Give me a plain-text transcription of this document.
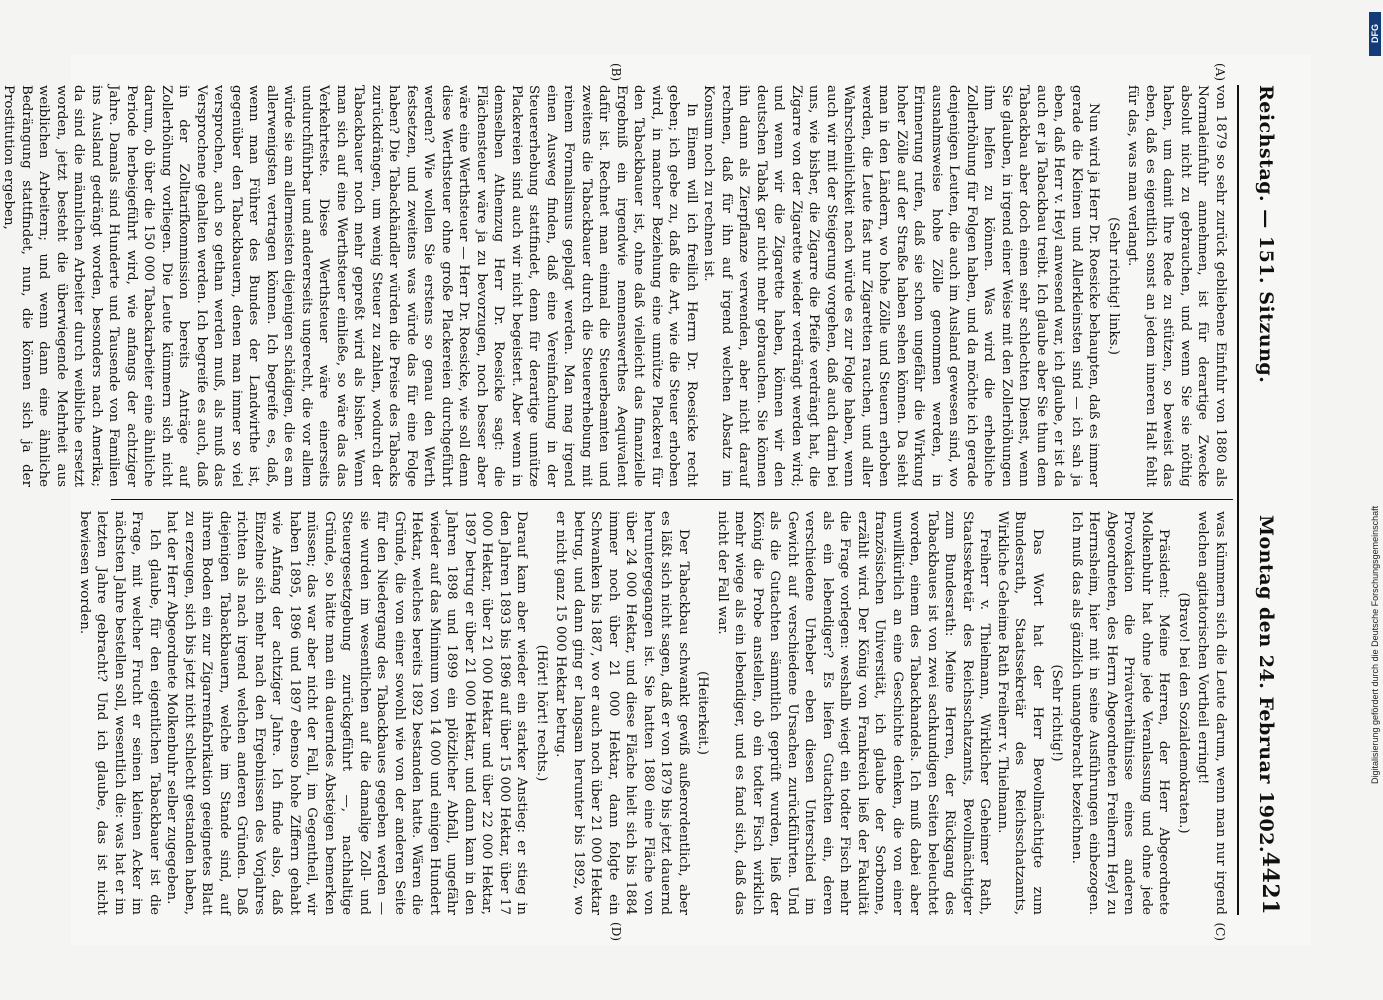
Reichstag. — 151. Sitzung.
Montag den 24. Februar 1902.
4421
(A)
(B)
(C)
(D)

von 1879 so sehr zurück gebliebene Einfuhr von 1880 als Normaleinfuhr annehmen, ist für derartige Zwecke absolut nicht zu gebrauchen, und wenn Sie sie nöthig haben, um damit Ihre Rede zu stützen, so beweist das eben, daß es eigentlich sonst an jedem inneren Halt fehlt für das, was man verlangt.

(Sehr richtig! links.)

Nun wird ja Herr Dr. Roesicke behaupten, daß es immer gerade die Kleinen und Allerkleinsten sind — ich sah ja eben, daß Herr v. Heyl anwesend war, ich glaube, er ist da auch er ja Tabackbau treibt. Ich glaube aber Sie thun dem Tabackbau aber doch einen sehr schlechten Dienst, wenn Sie glauben, in irgend einer Weise mit den Zollerhöhungen ihm helfen zu können. Was wird die erhebliche Zollerhöhung für Folgen haben, und da möchte ich gerade denjenigen Leuten, die auch im Ausland gewesen sind, wo ausnahmsweise hohe Zölle genommen werden, in Erinnerung rufen, daß sie schon ungefähr die Wirkung hoher Zölle auf der Straße haben sehen können. Da sieht man in den Ländern, wo hohe Zölle und Steuern erhoben werden, die Leute fast nur Zigaretten rauchen, und aller Wahrscheinlichkeit nach würde es zur Folge haben, wenn auch wir mit der Steigerung vorgehen, daß auch darin bei uns, wie bisher, die Zigarre die Pfeife verdrängt hat, die Zigarre von der Zigarette wieder verdrängt werden wird; und wenn wir die Zigarette haben, können wir den deutschen Tabak gar nicht mehr gebrauchen. Sie können ihn dann als Zierpflanze verwenden, aber nicht darauf rechnen, daß für ihn auf irgend welchen Absatz im Konsum noch zu rechnen ist.

In Einem will ich freilich Herrn Dr. Roesicke recht geben; ich gebe zu, daß die Art, wie die Steuer erhoben wird, in mancher Beziehung eine unnütze Plackerei für den Tabackbauer ist, ohne daß vielleicht das finanzielle Ergebniß ein irgendwie nennenswerthes Aequivalent dafür ist. Rechnet man einmal die Steuerbeamten und zweitens die Tabackbauer durch die Steuererhebung mit reinem Formalismus geplagt werden. Man mag irgend einen Ausweg finden, daß eine Vereinfachung in der Steuererhebung stattfindet, denn für derartige unnütze Plackereien sind auch wir nicht begeistert. Aber wenn in demselben Athemzug Herr Dr. Roesicke sagt: die Flächensteuer wäre ja zu bevorzugen, noch besser aber wäre eine Werthsteuer — Herr Dr. Roesicke, wie soll denn diese Werthsteuer ohne große Plackereien durchgeführt werden? Wie wollen Sie erstens so genau den Werth festsetzen, und zweitens was würde das für eine Folge haben? Die Tabackhändler würden die Preise des Tabacks zurückdrängen, um wenig Steuer zu zahlen, wodurch der Tabackbauer noch mehr gepreßt wird als bisher. Wenn man sich auf eine Werthsteuer einließe, so wäre das das Verkehrteste. Diese Werthsteuer wäre einerseits undurchführbar und andererseits ungerecht, die vor allem würde sie am allermeisten diejenigen schädigen, die es am allerwenigsten vertragen können. Ich begreife es, daß, wenn man Führer des Bundes der Landwirthe ist, gegenüber den Tabackbauern, denen man immer so viel versprochen, auch so gethan werden muß, als muß das Versprochene gehalten werden. Ich begreife es auch, daß in der Zolltarifkommission bereits Anträge auf Zollerhöhung vorliegen. Die Leute kümmern sich nicht darum, ob über die 150 000 Tabackarbeiter eine ähnliche Periode herbeigeführt wird, wie anfangs der achtziger Jahre. Damals sind Hunderte und Tausende von Familien ins Ausland gedrängt worden, besonders nach Amerika; da sind die männlichen Arbeiter durch weibliche ersetzt worden, jetzt besteht die überwiegende Mehrheit aus weiblichen Arbeitern; und wenn dann eine ähnliche Bedrängung stattfindet, nun, die können sich ja der Prostitution ergeben,

was kümmern sich die Leute darum, wenn man nur irgend welchen agitatorischen Vortheil erringt!

(Bravo! bei den Sozialdemokraten.)

Präsident: Meine Herren, der Herr Abgeordnete Molkenbuhr hat ohne jede Veranlassung und ohne jede Provokation die Privatverhältnisse eines anderen Abgeordneten, des Herrn Abgeordneten Freiherrn Heyl zu Herrnsheim, hier mit in seine Ausführungen einbezogen. Ich muß das als gänzlich unangebracht bezeichnen.

(Sehr richtig!)

Das Wort hat der Herr Bevollmächtigte zum Bundesrath, Staatssekretär des Reichsschatzamts, Wirkliche Geheime Rath Freiherr v. Thielmann.

Freiherr v. Thielmann, Wirklicher Geheimer Rath, Staatssekretär des Reichsschatzamts, Bevollmächtigter zum Bundesrath: Meine Herren, der Rückgang des Tabackbaues ist von zwei sachkundigen Seiten beleuchtet worden, einem des Tabackhandels. Ich muß dabei aber unwillkürlich an eine Geschichte denken, die von einer französischen Universität, ich glaube der Sorbonne, erzählt wird. Der König von Frankreich ließ der Fakultät die Frage vorlegen: weshalb wiegt ein todter Fisch mehr als ein lebendiger? Es liefen Gutachten ein, deren verschiedene Urheber eben diesen Unterschied im Gewicht auf verschiedene Ursachen zurückführten. Und als die Gutachten sämmtlich geprüft wurden, ließ der König die Probe anstellen, ob ein todter Fisch wirklich mehr wiege als ein lebendiger, und es fand sich, daß das nicht der Fall war.

(Heiterkeit.)

Der Tabackbau schwankt gewiß außerordentlich, aber es läßt sich nicht sagen, daß er von 1879 bis jetzt dauernd heruntergegangen ist. Sie hatten 1880 eine Fläche von über 24 000 Hektar, und diese Fläche hielt sich bis 1884 immer noch über 21 000 Hektar, dann folgte ein Schwanken bis 1887, wo er auch noch über 21 000 Hektar betrug, und dann ging er langsam herunter bis 1892, wo er nicht ganz 15 000 Hektar betrug.

(Hört! hört! rechts.)

Darauf kam aber wieder ein starker Anstieg: er stieg in den Jahren 1893 bis 1896 auf über 15 000 Hektar, über 17 000 Hektar, über 21 000 Hektar und über 22 000 Hektar, 1897 betrug er über 21 000 Hektar, und dann kam in den Jahren 1898 und 1899 ein plötzlicher Abfall, ungefähr wieder auf das Minimum von 14 000 und einigen Hundert Hektar, welches bereits 1892 bestanden hatte. Wären die Gründe, die von einer sowohl wie von der anderen Seite für den Niedergang des Tabackbaues gegeben werden — sie wurden im wesentlichen auf die damalige Zoll- und Steuergesetzgebung zurückgeführt —, nachhaltige Gründe, so hätte man ein dauerndes Absteigen bemerken müssen; das war aber nicht der Fall, im Gegentheil, wir haben 1895, 1896 und 1897 ebenso hohe Ziffern gehabt wie Anfang der achtziger Jahre. Ich finde also, daß Einzelne sich mehr nach den Ergebnissen des Vorjahres richten als nach irgend welchen anderen Gründen. Daß diejenigen Tabackbauern, welche im Stande sind, auf ihrem Boden ein zur Zigarrenfabrikation geeignetes Blatt zu erzeugen, sich bis jetzt nicht schlecht gestanden haben, hat der Herr Abgeordnete Molkenbuhr selber zugegeben.

Ich glaube, für den eigentlichen Tabackbauer ist die Frage, mit welcher Frucht er seinen kleinen Acker im nächsten Jahre bestellen soll, wesentlich die: was hat er im letzten Jahre gebracht? Und ich glaube, das ist nicht bewiesen worden.

DFG
Digitalisierung gefördert durch die Deutsche Forschungsgemeinschaft
